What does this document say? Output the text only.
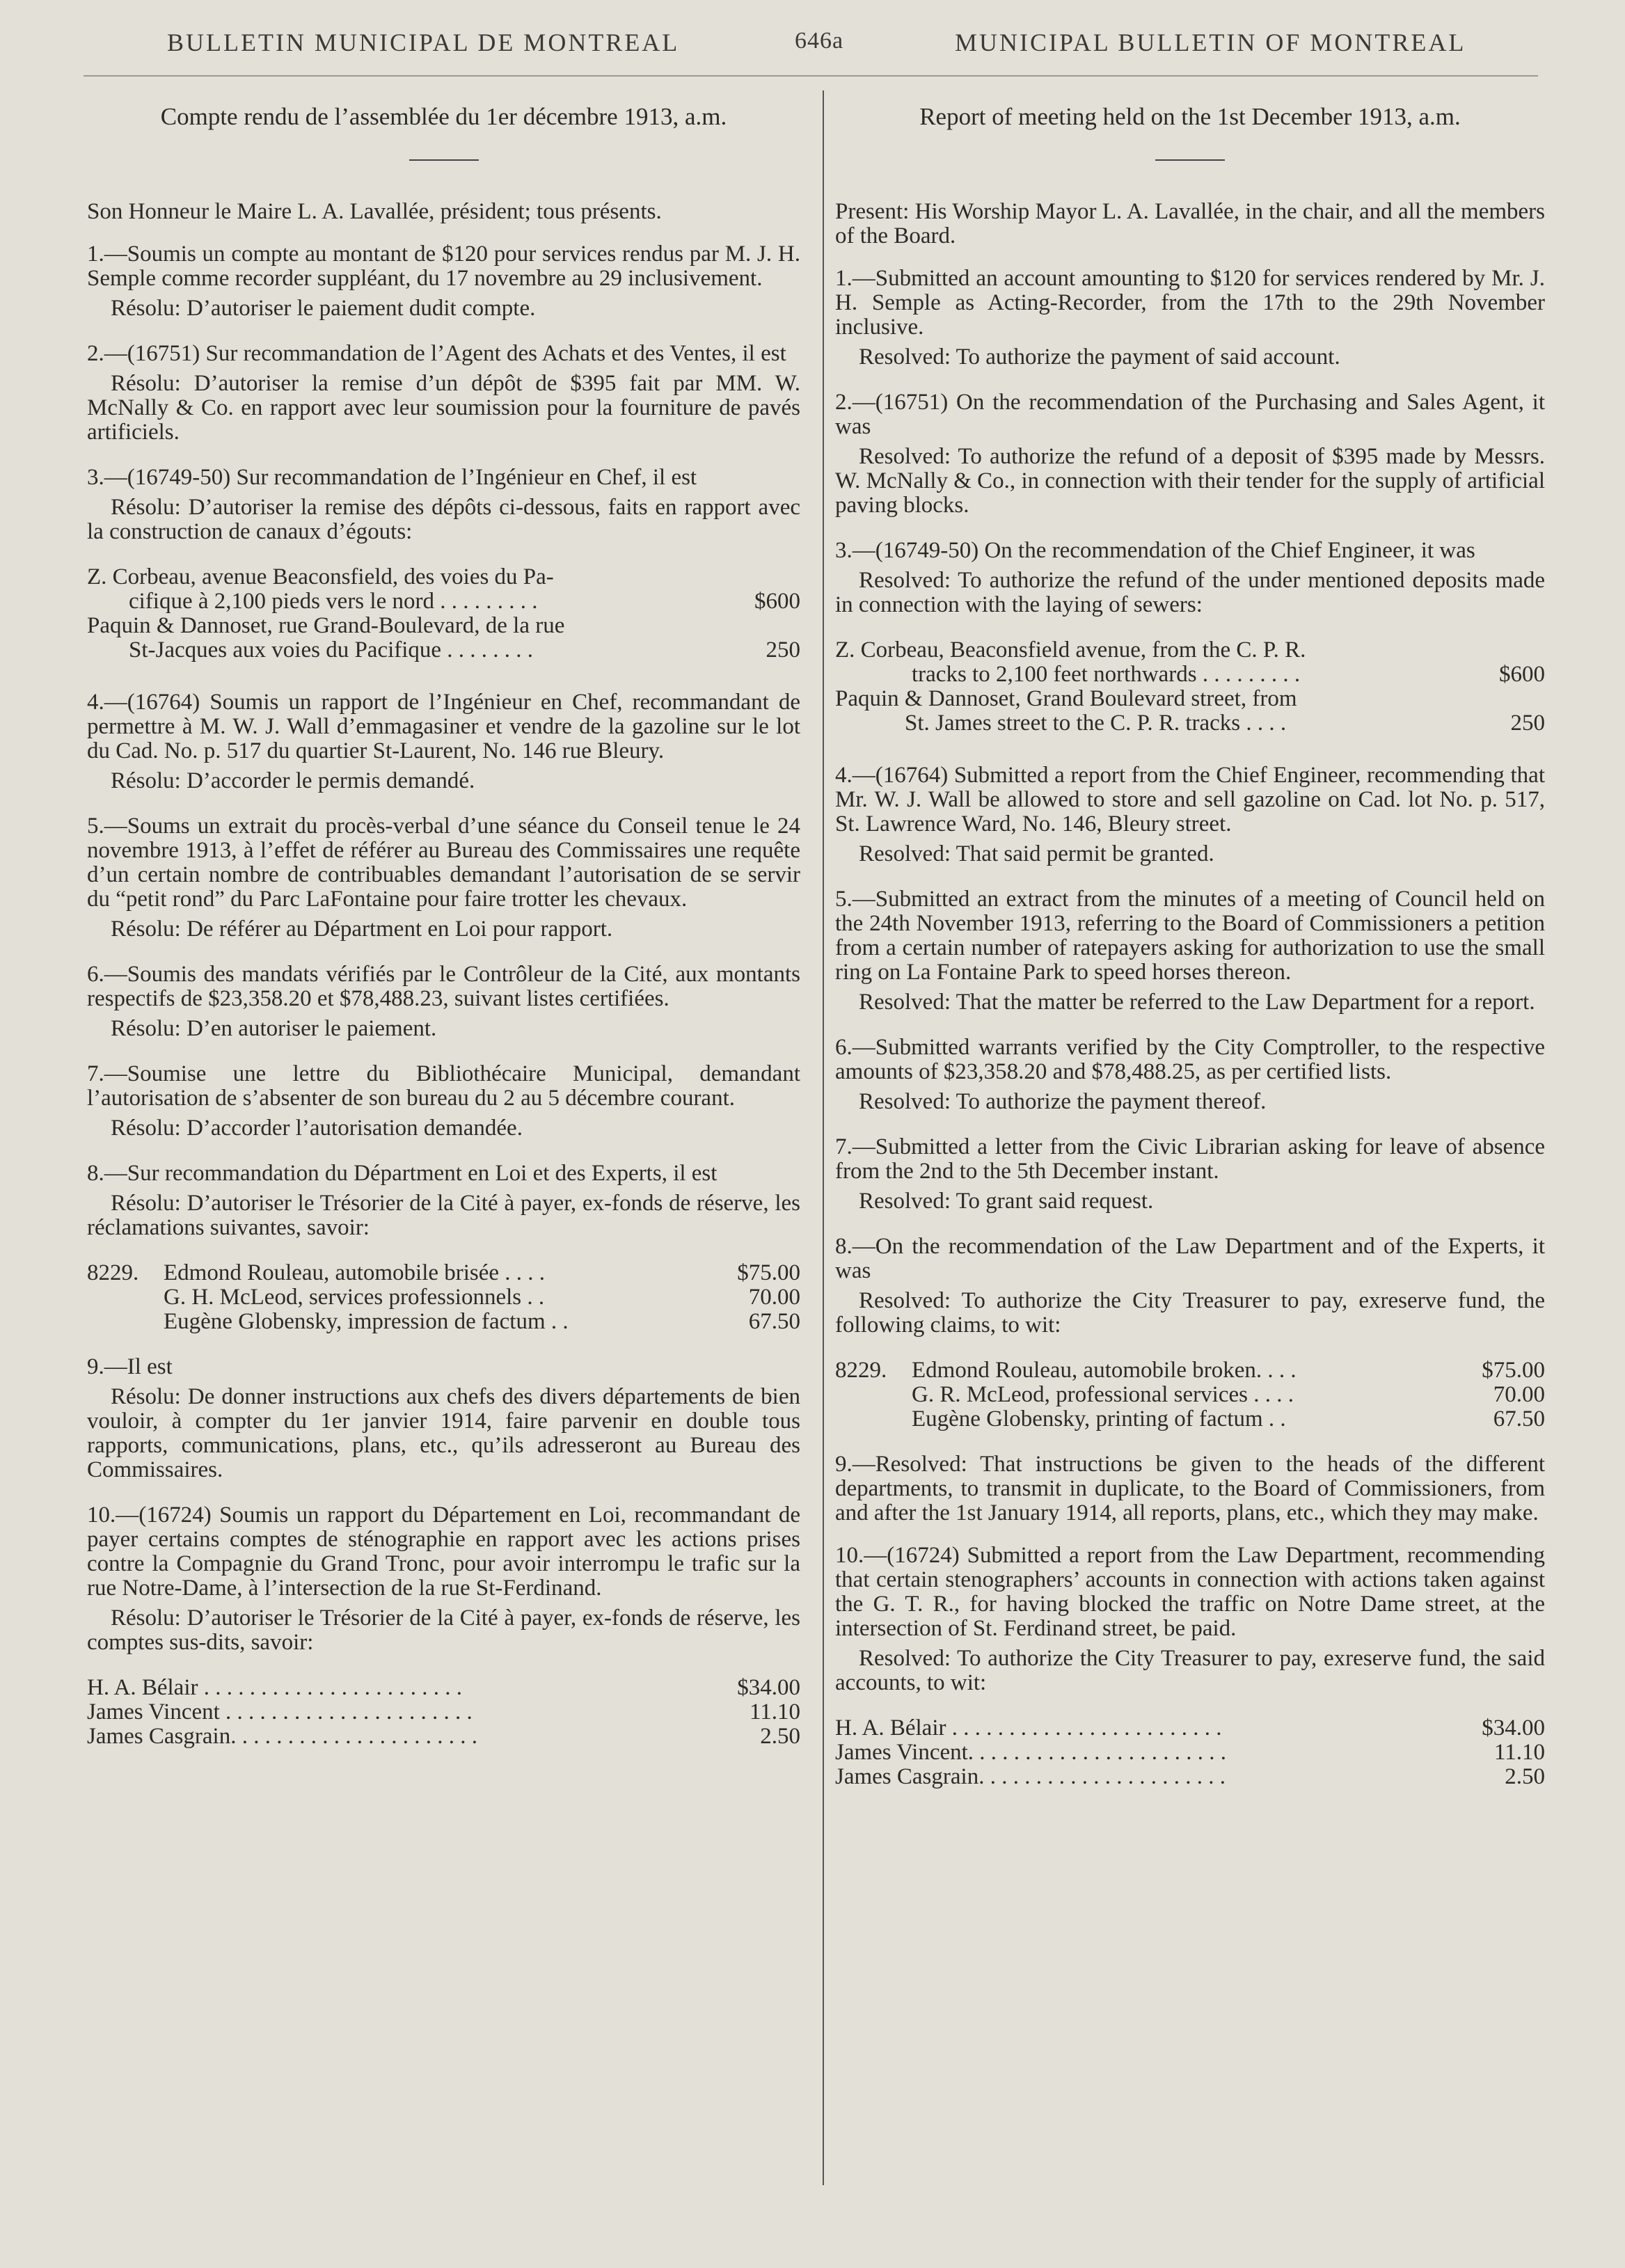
BULLETIN MUNICIPAL DE MONTREAL	646a	MUNICIPAL BULLETIN OF MONTREAL
Compte rendu de l’assemblée du 1er décembre 1913, a.m.

Son Honneur le Maire L. A. Lavallée, président; tous présents.

1.—Soumis un compte au montant de $120 pour services rendus par M. J. H. Semple comme recorder suppléant, du 17 novembre au 29 inclusivement.

Résolu: D’autoriser le paiement dudit compte.

2.—(16751) Sur recommandation de l’Agent des Achats et des Ventes, il est

Résolu: D’autoriser la remise d’un dépôt de $395 fait par MM. W. McNally & Co. en rapport avec leur soumission pour la fourniture de pavés artificiels.

3.—(16749-50) Sur recommandation de l’Ingénieur en Chef, il est

Résolu: D’autoriser la remise des dépôts ci-dessous, faits en rapport avec la construction de canaux d’égouts:

Z. Corbeau, avenue Beaconsfield, des voies du Pa-
cifique à 2,100 pieds vers le nord . . . . . . . . .	$600
Paquin & Dannoset, rue Grand-Boulevard, de la rue
St-Jacques aux voies du Pacifique . . . . . . . .	250

4.—(16764) Soumis un rapport de l’Ingénieur en Chef, recommandant de permettre à M. W. J. Wall d’emmagasiner et vendre de la gazoline sur le lot du Cad. No. p. 517 du quartier St-Laurent, No. 146 rue Bleury.

Résolu: D’accorder le permis demandé.

5.—Soums un extrait du procès-verbal d’une séance du Conseil tenue le 24 novembre 1913, à l’effet de référer au Bureau des Commissaires une requête d’un certain nombre de contribuables demandant l’autorisation de se servir du “petit rond” du Parc LaFontaine pour faire trotter les chevaux.

Résolu: De référer au Départment en Loi pour rapport.

6.—Soumis des mandats vérifiés par le Contrôleur de la Cité, aux montants respectifs de $23,358.20 et $78,488.23, suivant listes certifiées.

Résolu: D’en autoriser le paiement.

7.—Soumise une lettre du Bibliothécaire Municipal, demandant l’autorisation de s’absenter de son bureau du 2 au 5 décembre courant.

Résolu: D’accorder l’autorisation demandée.

8.—Sur recommandation du Départment en Loi et des Experts, il est

Résolu: D’autoriser le Trésorier de la Cité à payer, ex-fonds de réserve, les réclamations suivantes, savoir:

8229.	Edmond Rouleau, automobile brisée . . . .	$75.00
G. H. McLeod, services professionnels . .	70.00
Eugène Globensky, impression de factum . .	67.50

9.—Il est

Résolu: De donner instructions aux chefs des divers départements de bien vouloir, à compter du 1er janvier 1914, faire parvenir en double tous rapports, communications, plans, etc., qu’ils adresseront au Bureau des Commissaires.

10.—(16724) Soumis un rapport du Département en Loi, recommandant de payer certains comptes de sténographie en rapport avec les actions prises contre la Compagnie du Grand Tronc, pour avoir interrompu le trafic sur la rue Notre-Dame, à l’intersection de la rue St-Ferdinand.

Résolu: D’autoriser le Trésorier de la Cité à payer, ex-fonds de réserve, les comptes sus-dits, savoir:

H. A. Bélair . . . . . . . . . . . . . . . . . . . . . . .	$34.00
James Vincent . . . . . . . . . . . . . . . . . . . . . .	11.10
James Casgrain. . . . . . . . . . . . . . . . . . . . . .	2.50
Report of meeting held on the 1st December 1913, a.m.

Present: His Worship Mayor L. A. Lavallée, in the chair, and all the members of the Board.

1.—Submitted an account amounting to $120 for services rendered by Mr. J. H. Semple as Acting-Recorder, from the 17th to the 29th November inclusive.

Resolved: To authorize the payment of said account.

2.—(16751) On the recommendation of the Purchasing and Sales Agent, it was

Resolved: To authorize the refund of a deposit of $395 made by Messrs. W. McNally & Co., in connection with their tender for the supply of artificial paving blocks.

3.—(16749-50) On the recommendation of the Chief Engineer, it was

Resolved: To authorize the refund of the under mentioned deposits made in connection with the laying of sewers:

Z. Corbeau, Beaconsfield avenue, from the C. P. R.
tracks to 2,100 feet northwards . . . . . . . . .	$600
Paquin & Dannoset, Grand Boulevard street, from
St. James street to the C. P. R. tracks . . . .	250

4.—(16764) Submitted a report from the Chief Engineer, recommending that Mr. W. J. Wall be allowed to store and sell gazoline on Cad. lot No. p. 517, St. Lawrence Ward, No. 146, Bleury street.

Resolved: That said permit be granted.

5.—Submitted an extract from the minutes of a meeting of Council held on the 24th November 1913, referring to the Board of Commissioners a petition from a certain number of ratepayers asking for authorization to use the small ring on La Fontaine Park to speed horses thereon.

Resolved: That the matter be referred to the Law Department for a report.

6.—Submitted warrants verified by the City Comptroller, to the respective amounts of $23,358.20 and $78,488.25, as per certified lists.

Resolved: To authorize the payment thereof.

7.—Submitted a letter from the Civic Librarian asking for leave of absence from the 2nd to the 5th December instant.

Resolved: To grant said request.

8.—On the recommendation of the Law Department and of the Experts, it was

Resolved: To authorize the City Treasurer to pay, exreserve fund, the following claims, to wit:

8229.	Edmond Rouleau, automobile broken. . . .	$75.00
G. R. McLeod, professional services . . . .	70.00
Eugène Globensky, printing of factum . .	67.50

9.—Resolved: That instructions be given to the heads of the different departments, to transmit in duplicate, to the Board of Commissioners, from and after the 1st January 1914, all reports, plans, etc., which they may make.

10.—(16724) Submitted a report from the Law Department, recommending that certain stenographers’ accounts in connection with actions taken against the G. T. R., for having blocked the traffic on Notre Dame street, at the intersection of St. Ferdinand street, be paid.

Resolved: To authorize the City Treasurer to pay, exreserve fund, the said accounts, to wit:

H. A. Bélair . . . . . . . . . . . . . . . . . . . . . . . .	$34.00
James Vincent. . . . . . . . . . . . . . . . . . . . . . .	11.10
James Casgrain. . . . . . . . . . . . . . . . . . . . . .	2.50
